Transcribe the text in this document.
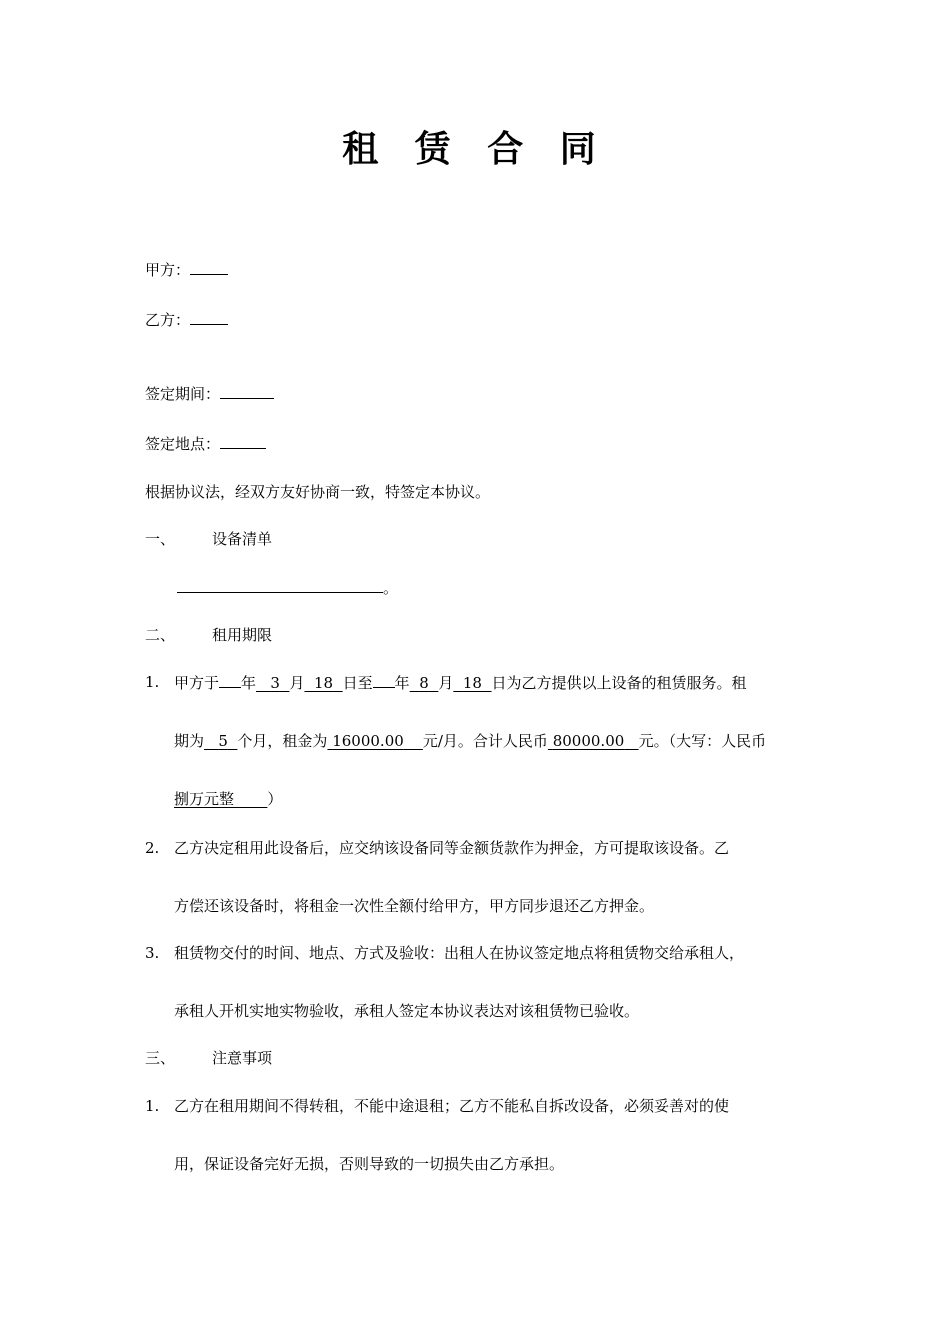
租 赁 合 同
甲方：
乙方：
签定期间：
签定地点：
根据协议法，经双方友好协商一致，特签定本协议。
一、 设备清单
。
二、 租用期限
1. 甲方于 年 3 月 18 日至 年 8 月 18 日为乙方提供以上设备的租赁服务。租
期为 5 个月，租金为 16000.00 元/月。合计人民币 80000.00 元。（大写：人民币
捌万元整 ）
2. 乙方决定租用此设备后，应交纳该设备同等金额货款作为押金，方可提取该设备。乙
方偿还该设备时，将租金一次性全额付给甲方，甲方同步退还乙方押金。
3. 租赁物交付的时间、地点、方式及验收：出租人在协议签定地点将租赁物交给承租人，
承租人开机实地实物验收，承租人签定本协议表达对该租赁物已验收。
三、 注意事项
1. 乙方在租用期间不得转租，不能中途退租；乙方不能私自拆改设备，必须妥善对的使
用，保证设备完好无损，否则导致的一切损失由乙方承担。
